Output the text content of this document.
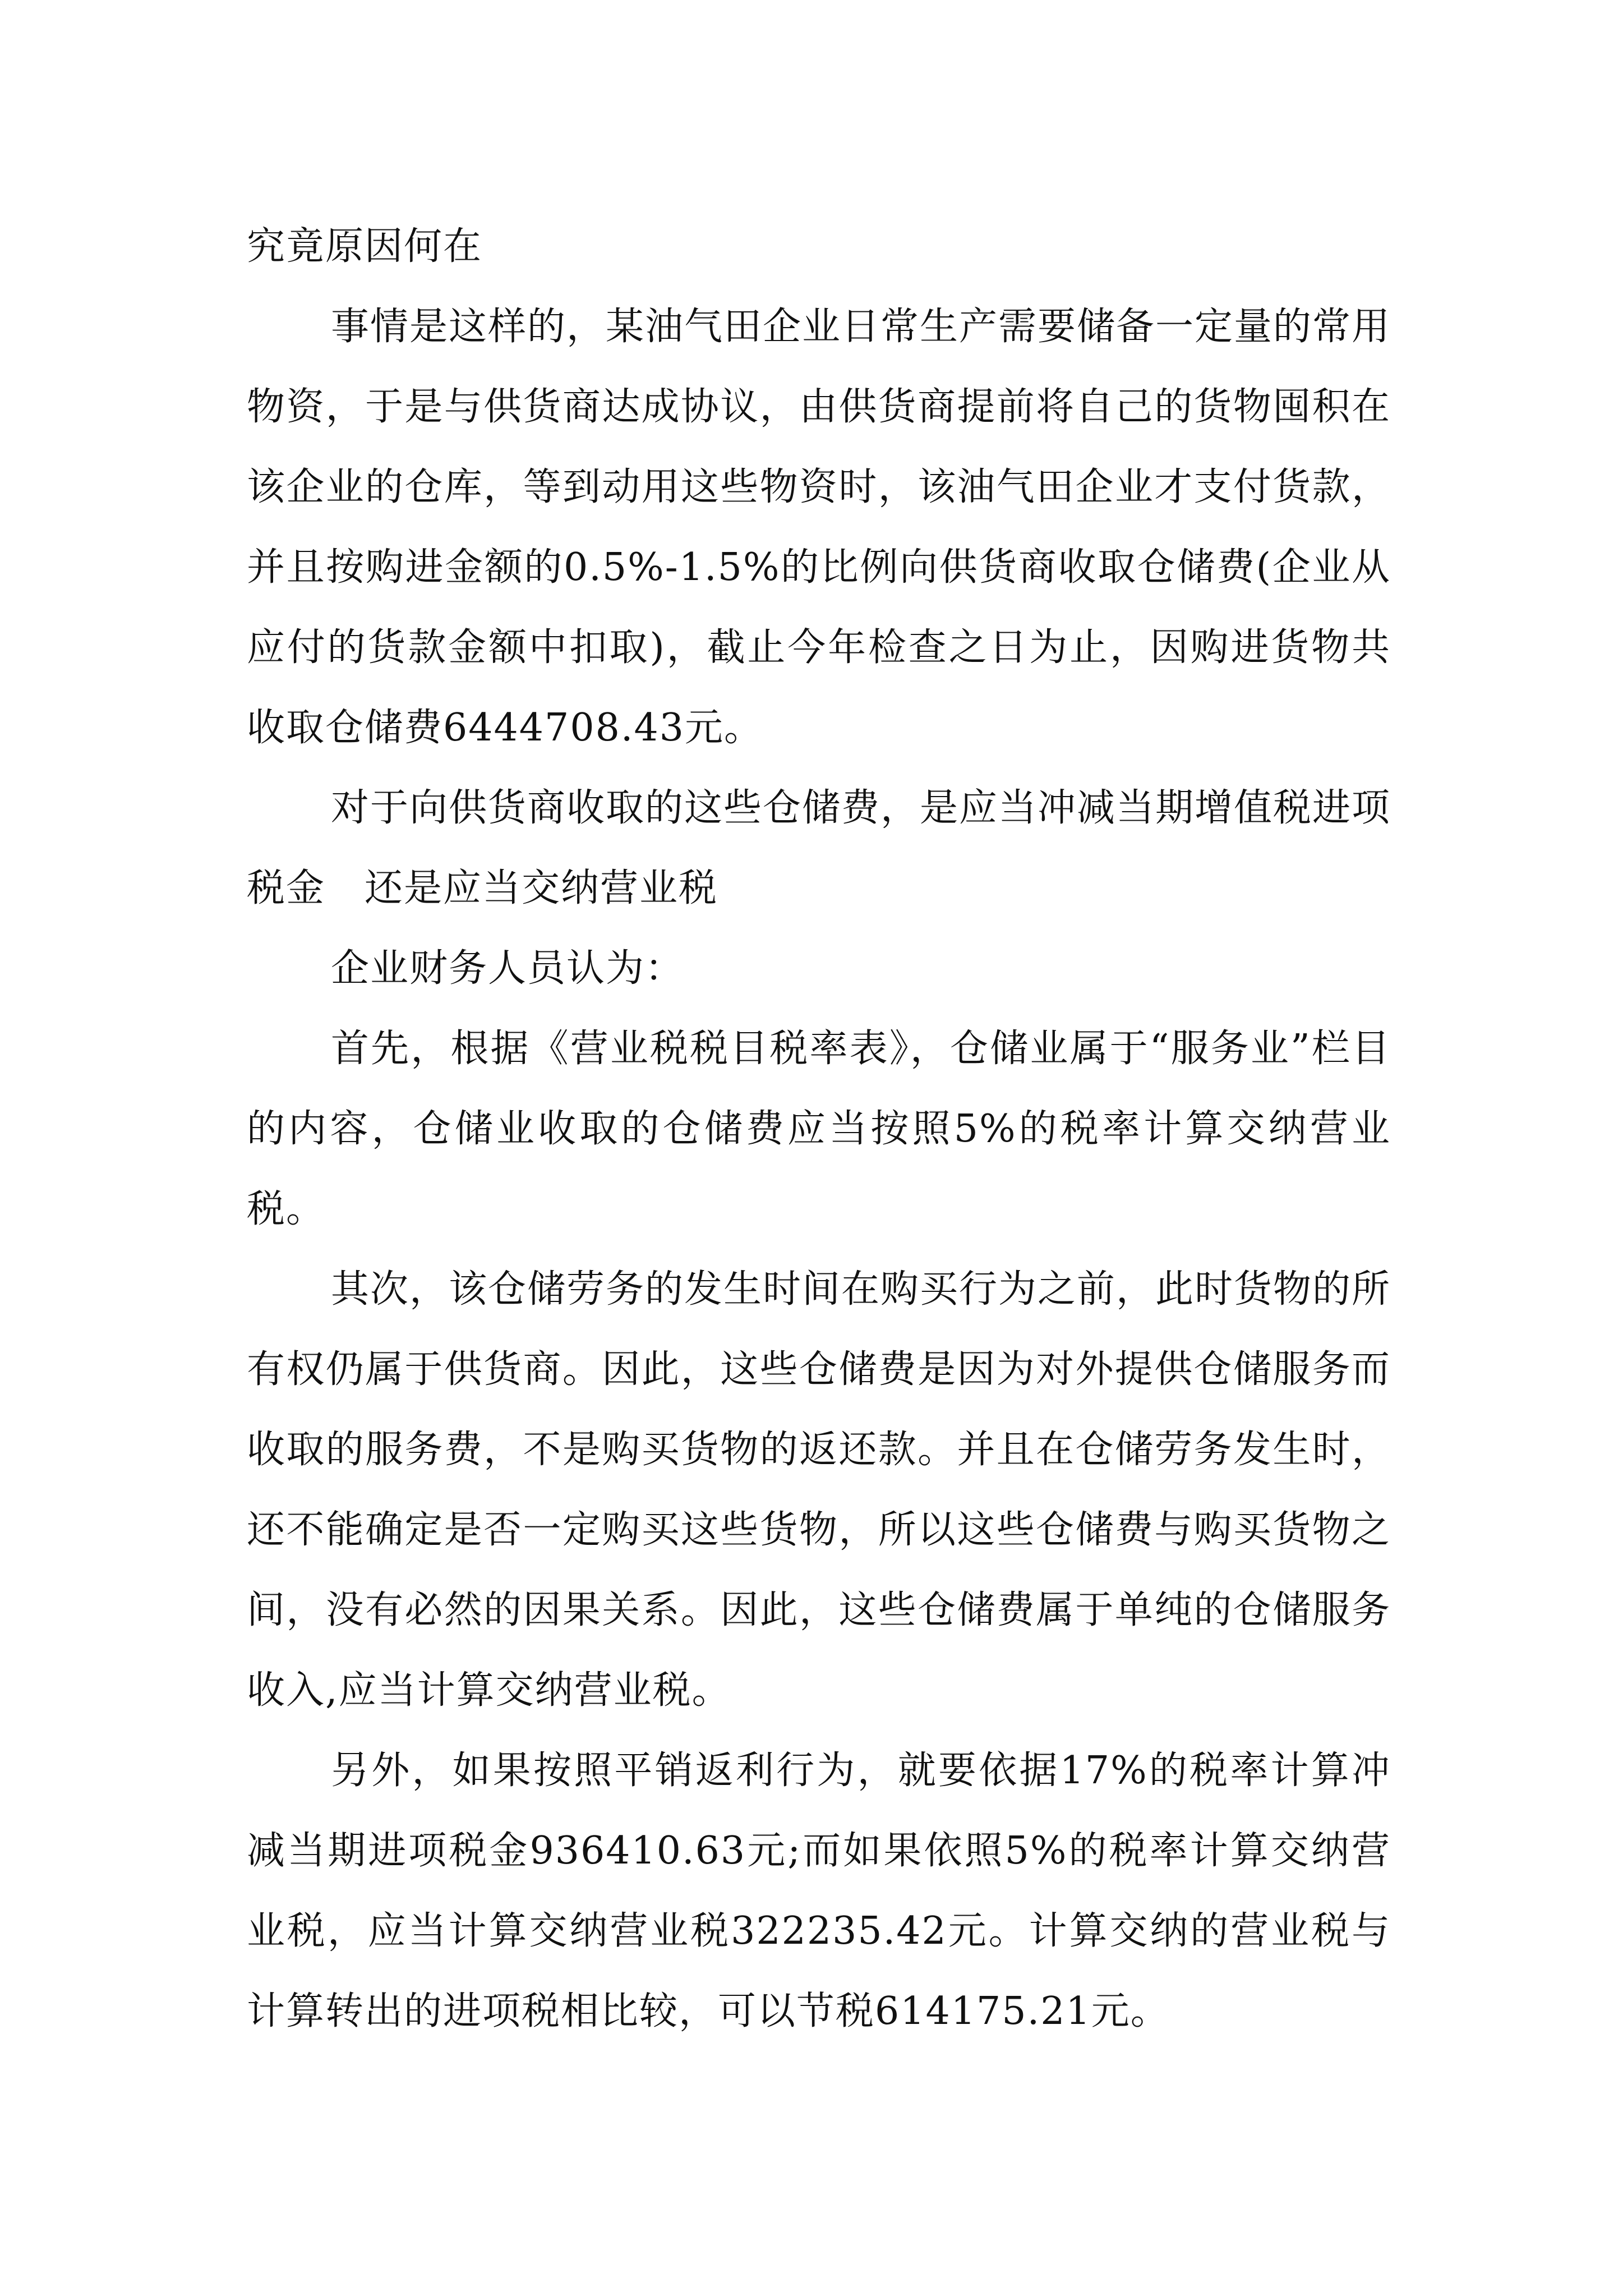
究竟原因何在

事情是这样的，某油气田企业日常生产需要储备一定量的常用物资，于是与供货商达成协议，由供货商提前将自己的货物囤积在该企业的仓库，等到动用这些物资时，该油气田企业才支付货款，并且按购进金额的0.5%-1.5%的比例向供货商收取仓储费(企业从应付的货款金额中扣取)，截止今年检查之日为止，因购进货物共收取仓储费6444708.43元。

对于向供货商收取的这些仓储费，是应当冲减当期增值税进项税金　还是应当交纳营业税

企业财务人员认为：

首先，根据《营业税税目税率表》，仓储业属于“服务业”栏目的内容，仓储业收取的仓储费应当按照5%的税率计算交纳营业税。

其次，该仓储劳务的发生时间在购买行为之前，此时货物的所有权仍属于供货商。因此，这些仓储费是因为对外提供仓储服务而收取的服务费，不是购买货物的返还款。并且在仓储劳务发生时，还不能确定是否一定购买这些货物，所以这些仓储费与购买货物之间，没有必然的因果关系。因此，这些仓储费属于单纯的仓储服务收入,应当计算交纳营业税。

另外，如果按照平销返利行为，就要依据17%的税率计算冲减当期进项税金936410.63元;而如果依照5%的税率计算交纳营业税，应当计算交纳营业税322235.42元。计算交纳的营业税与计算转出的进项税相比较，可以节税614175.21元。
